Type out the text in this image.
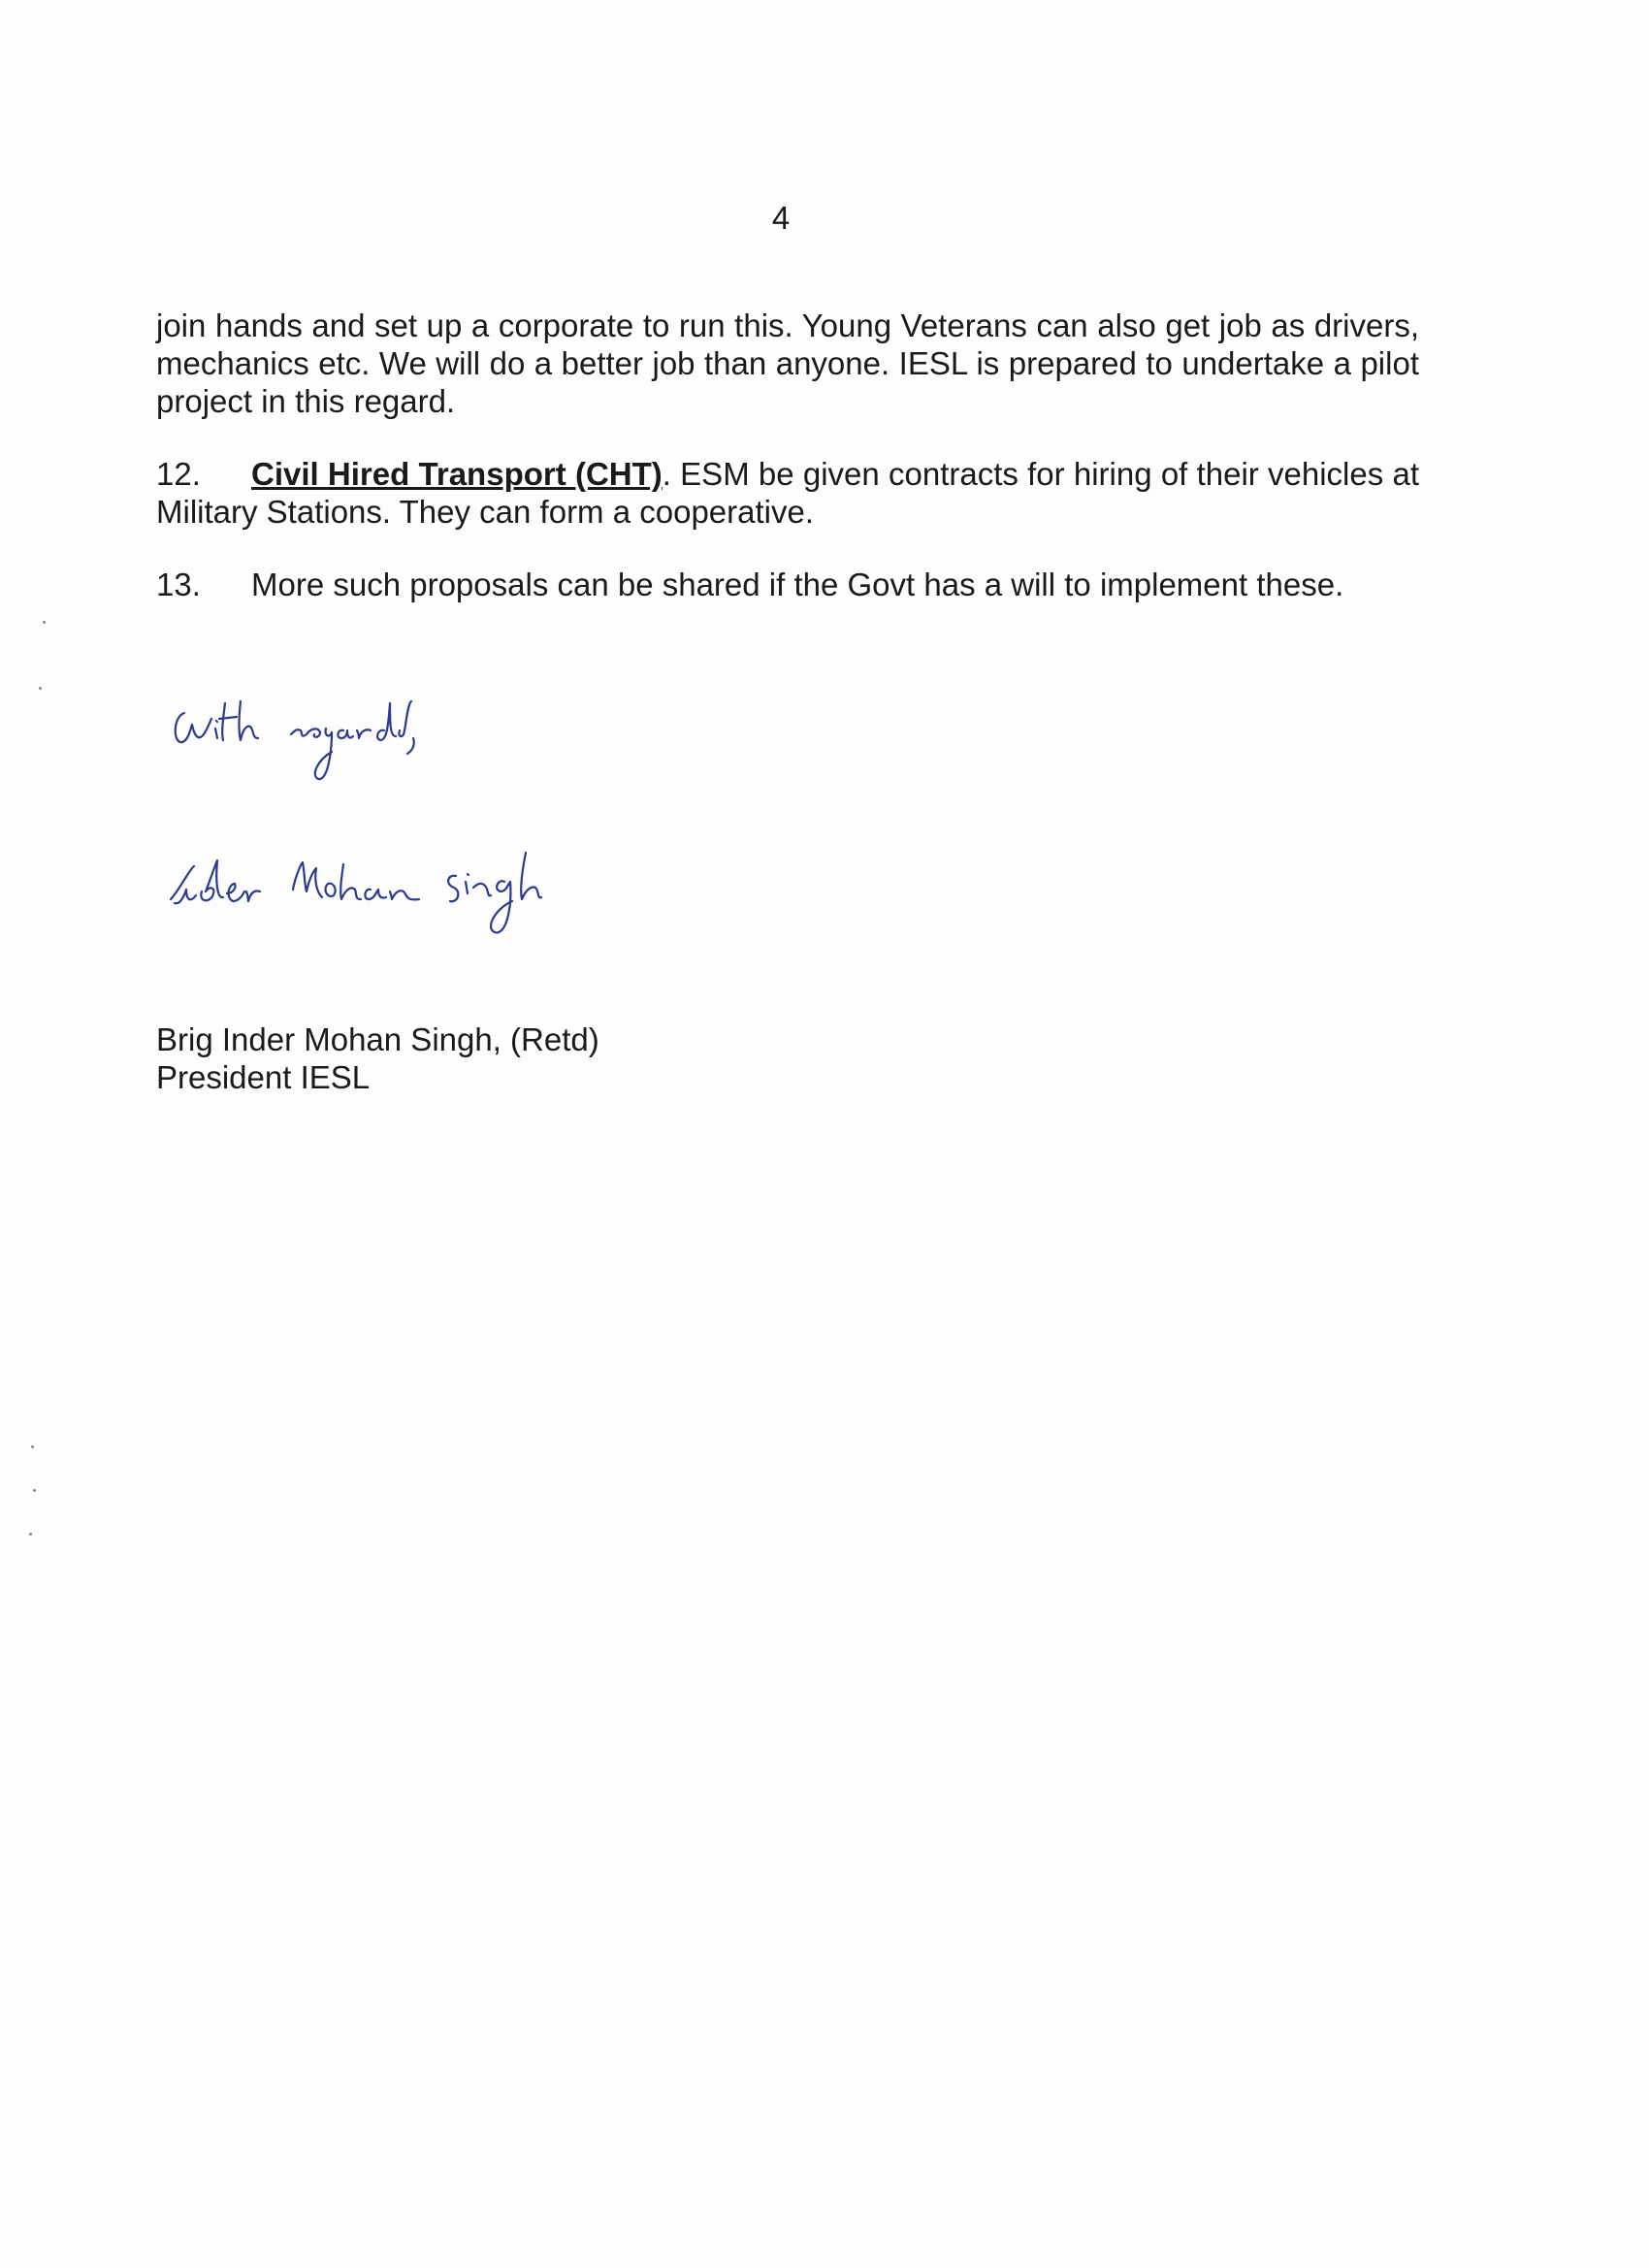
4

join hands and set up a corporate to run this. Young Veterans can also get job as drivers, mechanics etc. We will do a better job than anyone. IESL is prepared to undertake a pilot project in this regard.

12. Civil Hired Transport (CHT). ESM be given contracts for hiring of their vehicles at Military Stations. They can form a cooperative.

13. More such proposals can be shared if the Govt has a will to implement these.

Brig Inder Mohan Singh, (Retd)
President IESL
